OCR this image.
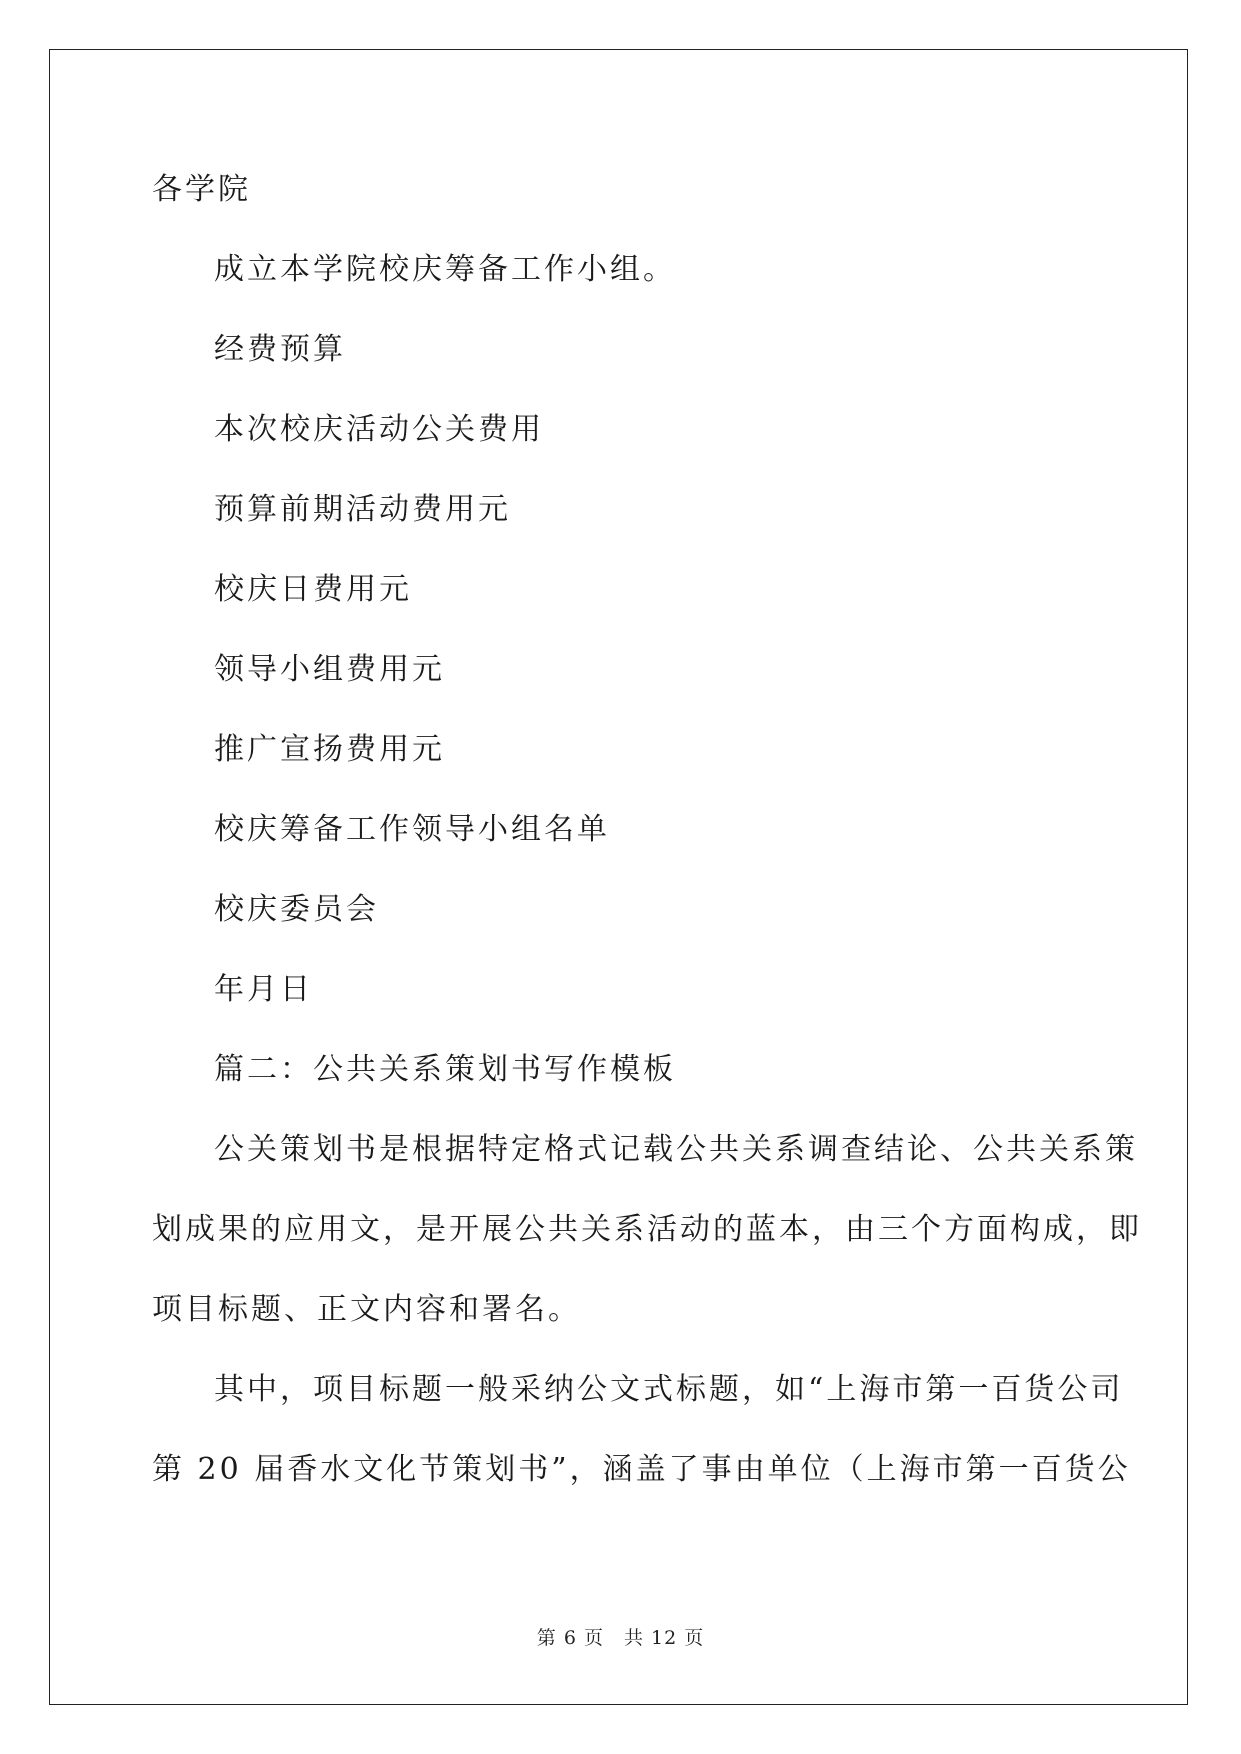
各学院
成立本学院校庆筹备工作小组。
经费预算
本次校庆活动公关费用
预算前期活动费用元
校庆日费用元
领导小组费用元
推广宣扬费用元
校庆筹备工作领导小组名单
校庆委员会
年月日
篇二：公共关系策划书写作模板
公关策划书是根据特定格式记载公共关系调查结论、公共关系策
划成果的应用文，是开展公共关系活动的蓝本，由三个方面构成，即
项目标题、正文内容和署名。
其中，项目标题一般采纳公文式标题，如“上海市第一百货公司
第 20 届香水文化节策划书”，涵盖了事由单位（上海市第一百货公
第 6 页　共 12 页
